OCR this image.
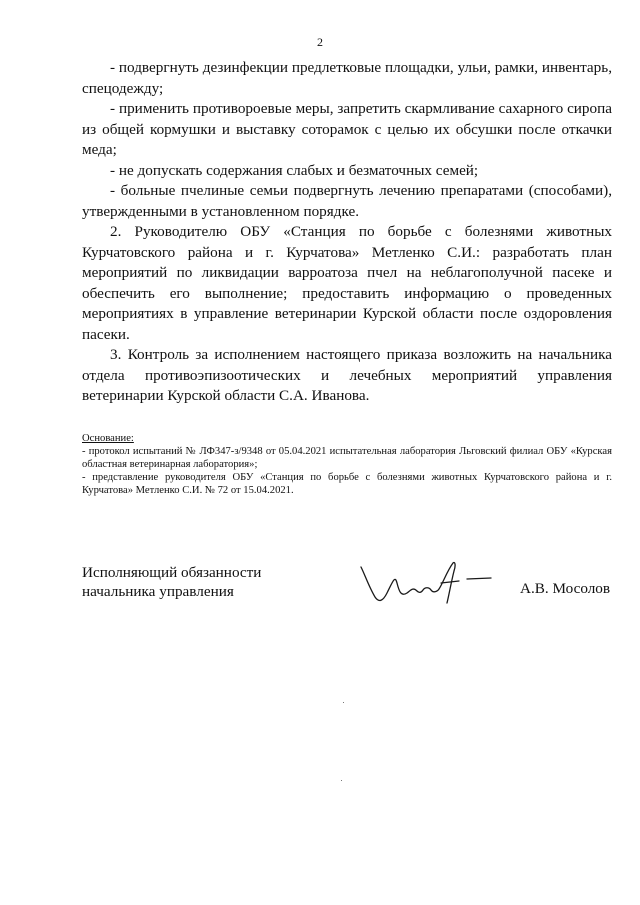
2

- подвергнуть дезинфекции предлетковые площадки, ульи, рамки, инвентарь, спецодежду;

- применить противороевые меры, запретить скармливание сахарного сиропа из общей кормушки и выставку соторамок с целью их обсушки после откачки меда;

- не допускать содержания слабых и безматочных семей;

- больные пчелиные семьи подвергнуть лечению препаратами (способами), утвержденными в установленном порядке.

2. Руководителю ОБУ «Станция по борьбе с болезнями животных Курчатовского района и г. Курчатова» Метленко С.И.: разработать план мероприятий по ликвидации варроатоза пчел на неблагополучной пасеке и обеспечить его выполнение; предоставить информацию о проведенных мероприятиях в управление ветеринарии Курской области после оздоровления пасеки.

3. Контроль за исполнением настоящего приказа возложить на начальника отдела противоэпизоотических и лечебных мероприятий управления ветеринарии Курской области С.А. Иванова.

Основание:

- протокол испытаний № ЛФ347-з/9348 от 05.04.2021 испытательная лаборатория Льговский филиал ОБУ «Курская областная ветеринарная лаборатория»;

- представление руководителя ОБУ «Станция по борьбе с болезнями животных Курчатовского района и г. Курчатова» Метленко С.И. № 72 от 15.04.2021.

Исполняющий обязанности
начальника управления	А.В. Мосолов
